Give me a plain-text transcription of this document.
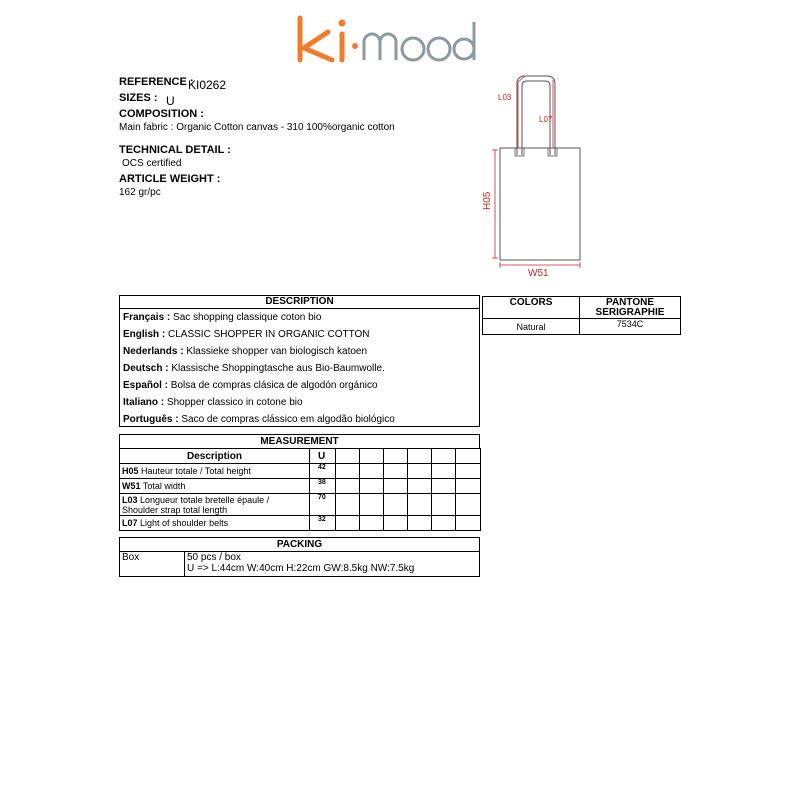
REFERENCE :
KI0262
SIZES : U
COMPOSITION :
Main fabric : Organic Cotton canvas - 310 100%organic cotton
TECHNICAL DETAIL :
OCS certified
ARTICLE WEIGHT :
162 gr/pc
L03
L07
H05
W51
DESCRIPTION
Français : Sac shopping classique coton bio
English : CLASSIC SHOPPER IN ORGANIC COTTON
Nederlands : Klassieke shopper van biologisch katoen
Deutsch : Klassische Shoppingtasche aus Bio-Baumwolle.
Español : Bolsa de compras clásica de algodón orgánico
Italiano : Shopper classico in cotone bio
Português : Saco de compras clássico em algodão biológico
COLORS	PANTONE SERIGRAPHIE
Natural	7534C
MEASUREMENT
Description	U						
H05 Hauteur totale / Total height	42						
W51 Total width	38						
L03 Longueur totale bretelle épaule / Shoulder strap total length	70						
L07 Light of shoulder belts	32						
PACKING
Box	50 pcs / box
U => L:44cm W:40cm H:22cm GW:8.5kg NW:7.5kg
